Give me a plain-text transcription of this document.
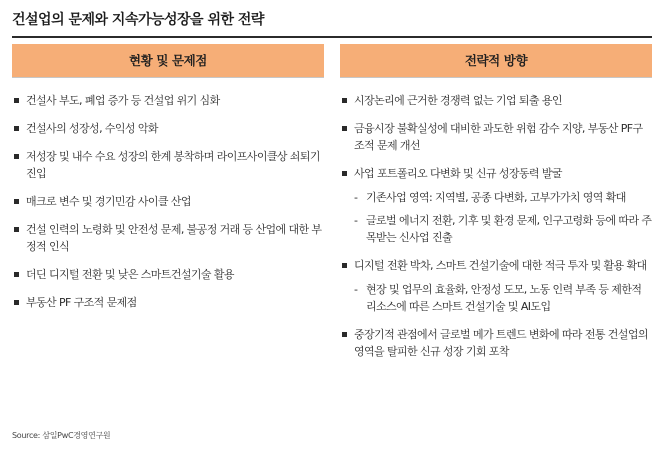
건설업의 문제와 지속가능성장을 위한 전략
현황 및 문제점
건설사 부도, 폐업 증가 등 건설업 위기 심화
건설사의 성장성, 수익성 악화
저성장 및 내수 수요 성장의 한계 봉착하며 라이프사이클상 쇠퇴기 진입
매크로 변수 및 경기민감 사이클 산업
건설 인력의 노령화 및 안전성 문제, 불공정 거래 등 산업에 대한 부정적 인식
더딘 디지털 전환 및 낮은 스마트건설기술 활용
부동산 PF 구조적 문제점
전략적 방향
시장논리에 근거한 경쟁력 없는 기업 퇴출 용인
금융시장 불확실성에 대비한 과도한 위험 감수 지양, 부동산 PF구조적 문제 개선
사업 포트폴리오 다변화 및 신규 성장동력 발굴
- 기존사업 영역: 지역별, 공종 다변화, 고부가가치 영역 확대
- 글로벌 에너지 전환, 기후 및 환경 문제, 인구고령화 등에 따라 주목받는 신사업 진출
디지털 전환 박차, 스마트 건설기술에 대한 적극 투자 및 활용 확대
- 현장 및 업무의 효율화, 안정성 도모, 노동 인력 부족 등 제한적 리소스에 따른 스마트 건설기술 및 AI도입
중장기적 관점에서 글로벌 메가 트렌드 변화에 따라 전통 건설업의 영역을 탈피한 신규 성장 기회 포착
Source: 삼일PwC경영연구원
